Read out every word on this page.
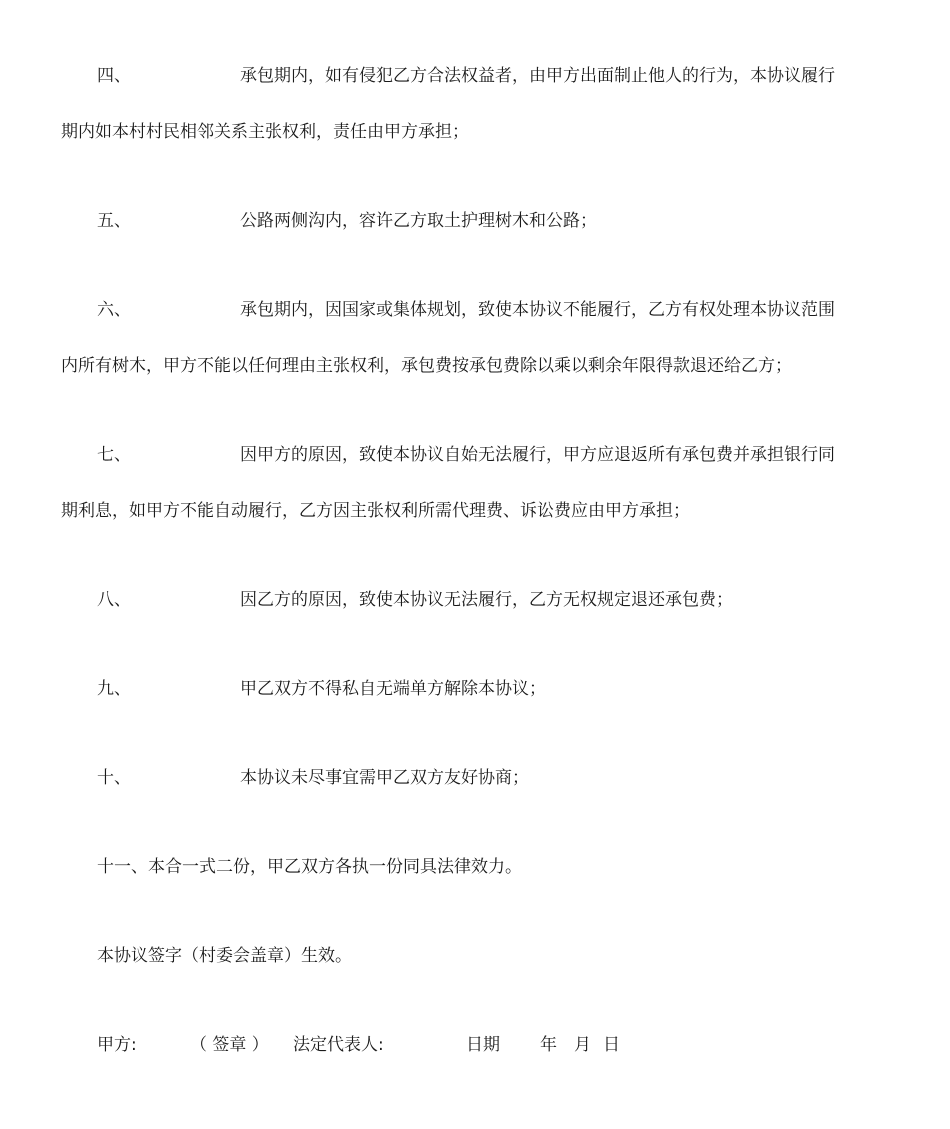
四、	承包期内，如有侵犯乙方合法权益者，由甲方出面制止他人的行为，本协议履行
期内如本村村民相邻关系主张权利，责任由甲方承担；
五、	公路两侧沟内，容许乙方取土护理树木和公路；
六、	承包期内，因国家或集体规划，致使本协议不能履行，乙方有权处理本协议范围
内所有树木，甲方不能以任何理由主张权利，承包费按承包费除以乘以剩余年限得款退还给乙方；
七、	因甲方的原因，致使本协议自始无法履行，甲方应退返所有承包费并承担银行同
期利息，如甲方不能自动履行，乙方因主张权利所需代理费、诉讼费应由甲方承担；
八、	因乙方的原因，致使本协议无法履行，乙方无权规定退还承包费；
九、	甲乙双方不得私自无端单方解除本协议；
十、	本协议未尽事宜需甲乙双方友好协商；
十一、本合一式二份，甲乙双方各执一份同具法律效力。
本协议签字（村委会盖章）生效。
甲方:	（ 签章 ） 法定代表人:	日期 年 月 日
